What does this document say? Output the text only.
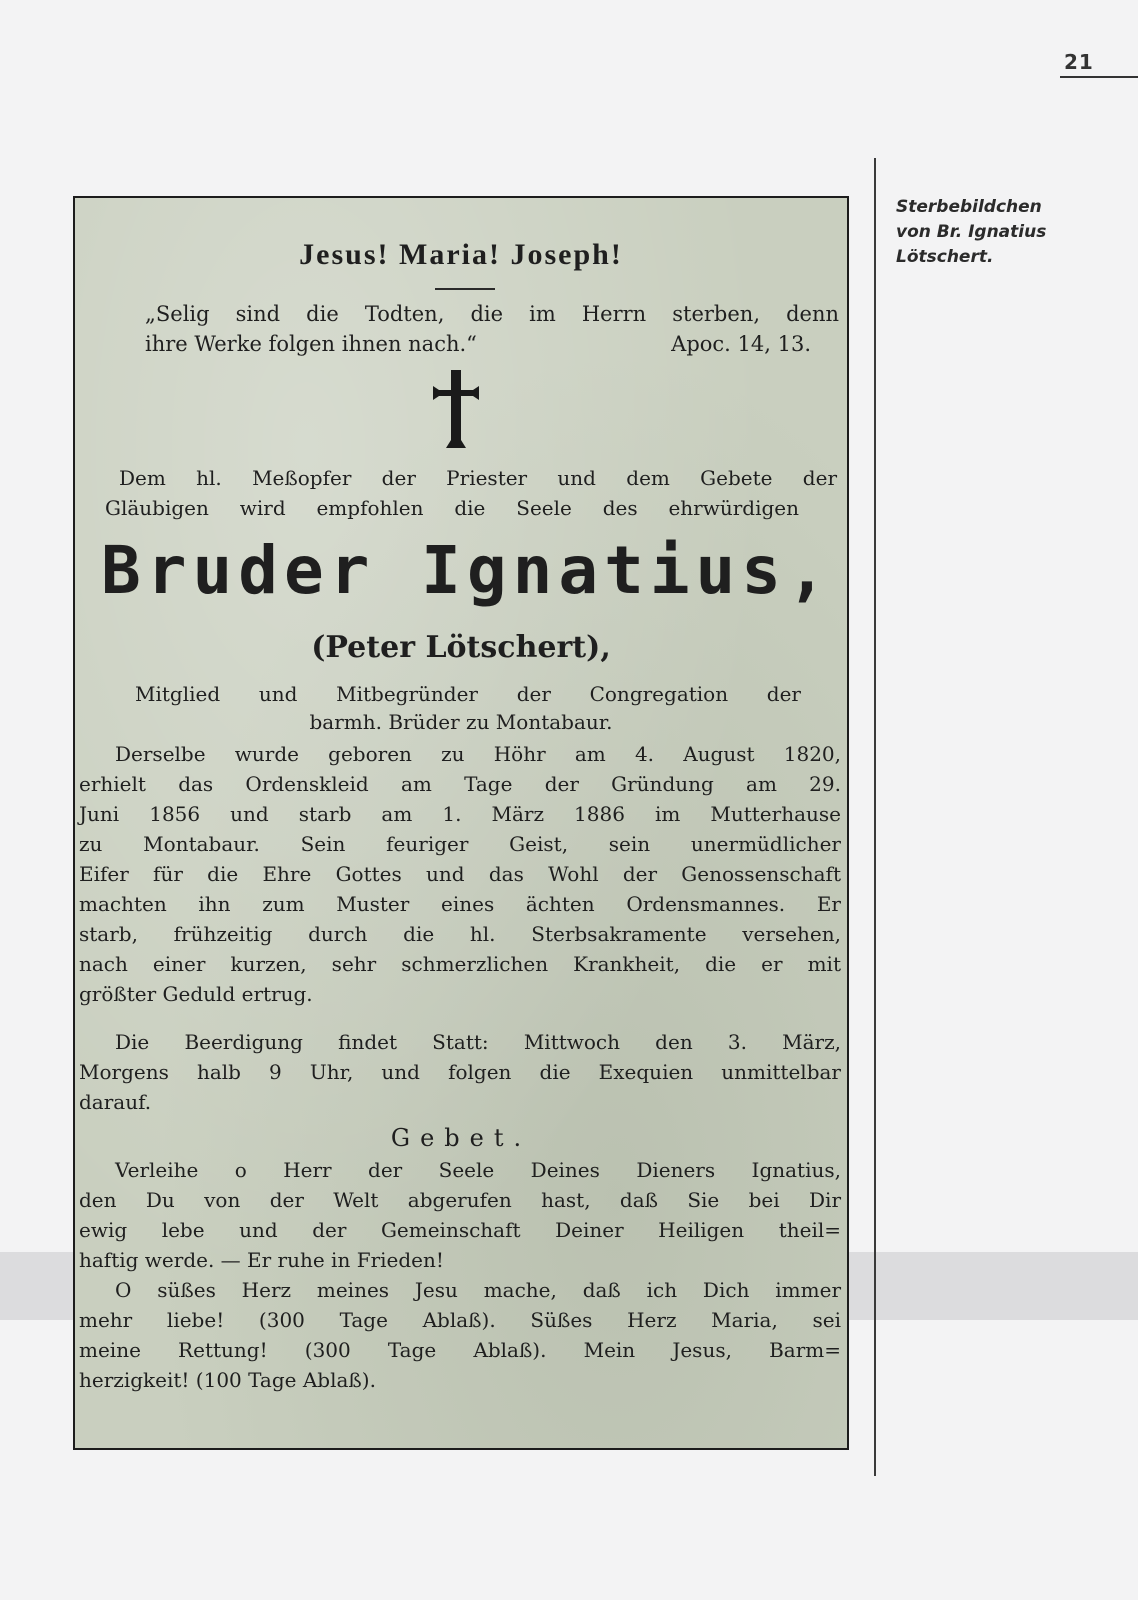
21
Jesus! Maria! Joseph!
„Selig sind die Todten, die im Herrn sterben, denn
ihre Werke folgen ihnen nach.“	Apoc. 14, 13.
Dem hl. Meßopfer der Priester und dem Gebete der
Gläubigen wird empfohlen die Seele des ehrwürdigen
Bruder Ignatius,
(Peter Lötschert),
Mitglied und Mitbegründer der Congregation der
barmh. Brüder zu Montabaur.
Derselbe wurde geboren zu Höhr am 4. August 1820,
erhielt das Ordenskleid am Tage der Gründung am 29.
Juni 1856 und starb am 1. März 1886 im Mutterhause
zu Montabaur. Sein feuriger Geist, sein unermüdlicher
Eifer für die Ehre Gottes und das Wohl der Genossenschaft
machten ihn zum Muster eines ächten Ordensmannes. Er
starb, frühzeitig durch die hl. Sterbsakramente versehen,
nach einer kurzen, sehr schmerzlichen Krankheit, die er mit
größter Geduld ertrug.
Die Beerdigung findet Statt: Mittwoch den 3. März,
Morgens halb 9 Uhr, und folgen die Exequien unmittelbar
darauf.
Gebet.
Verleihe o Herr der Seele Deines Dieners Ignatius,
den Du von der Welt abgerufen hast, daß Sie bei Dir
ewig lebe und der Gemeinschaft Deiner Heiligen theil=
haftig werde. — Er ruhe in Frieden!
O süßes Herz meines Jesu mache, daß ich Dich immer
mehr liebe! (300 Tage Ablaß). Süßes Herz Maria, sei
meine Rettung! (300 Tage Ablaß). Mein Jesus, Barm=
herzigkeit! (100 Tage Ablaß).
Sterbebildchen
von Br. Ignatius
Lötschert.
